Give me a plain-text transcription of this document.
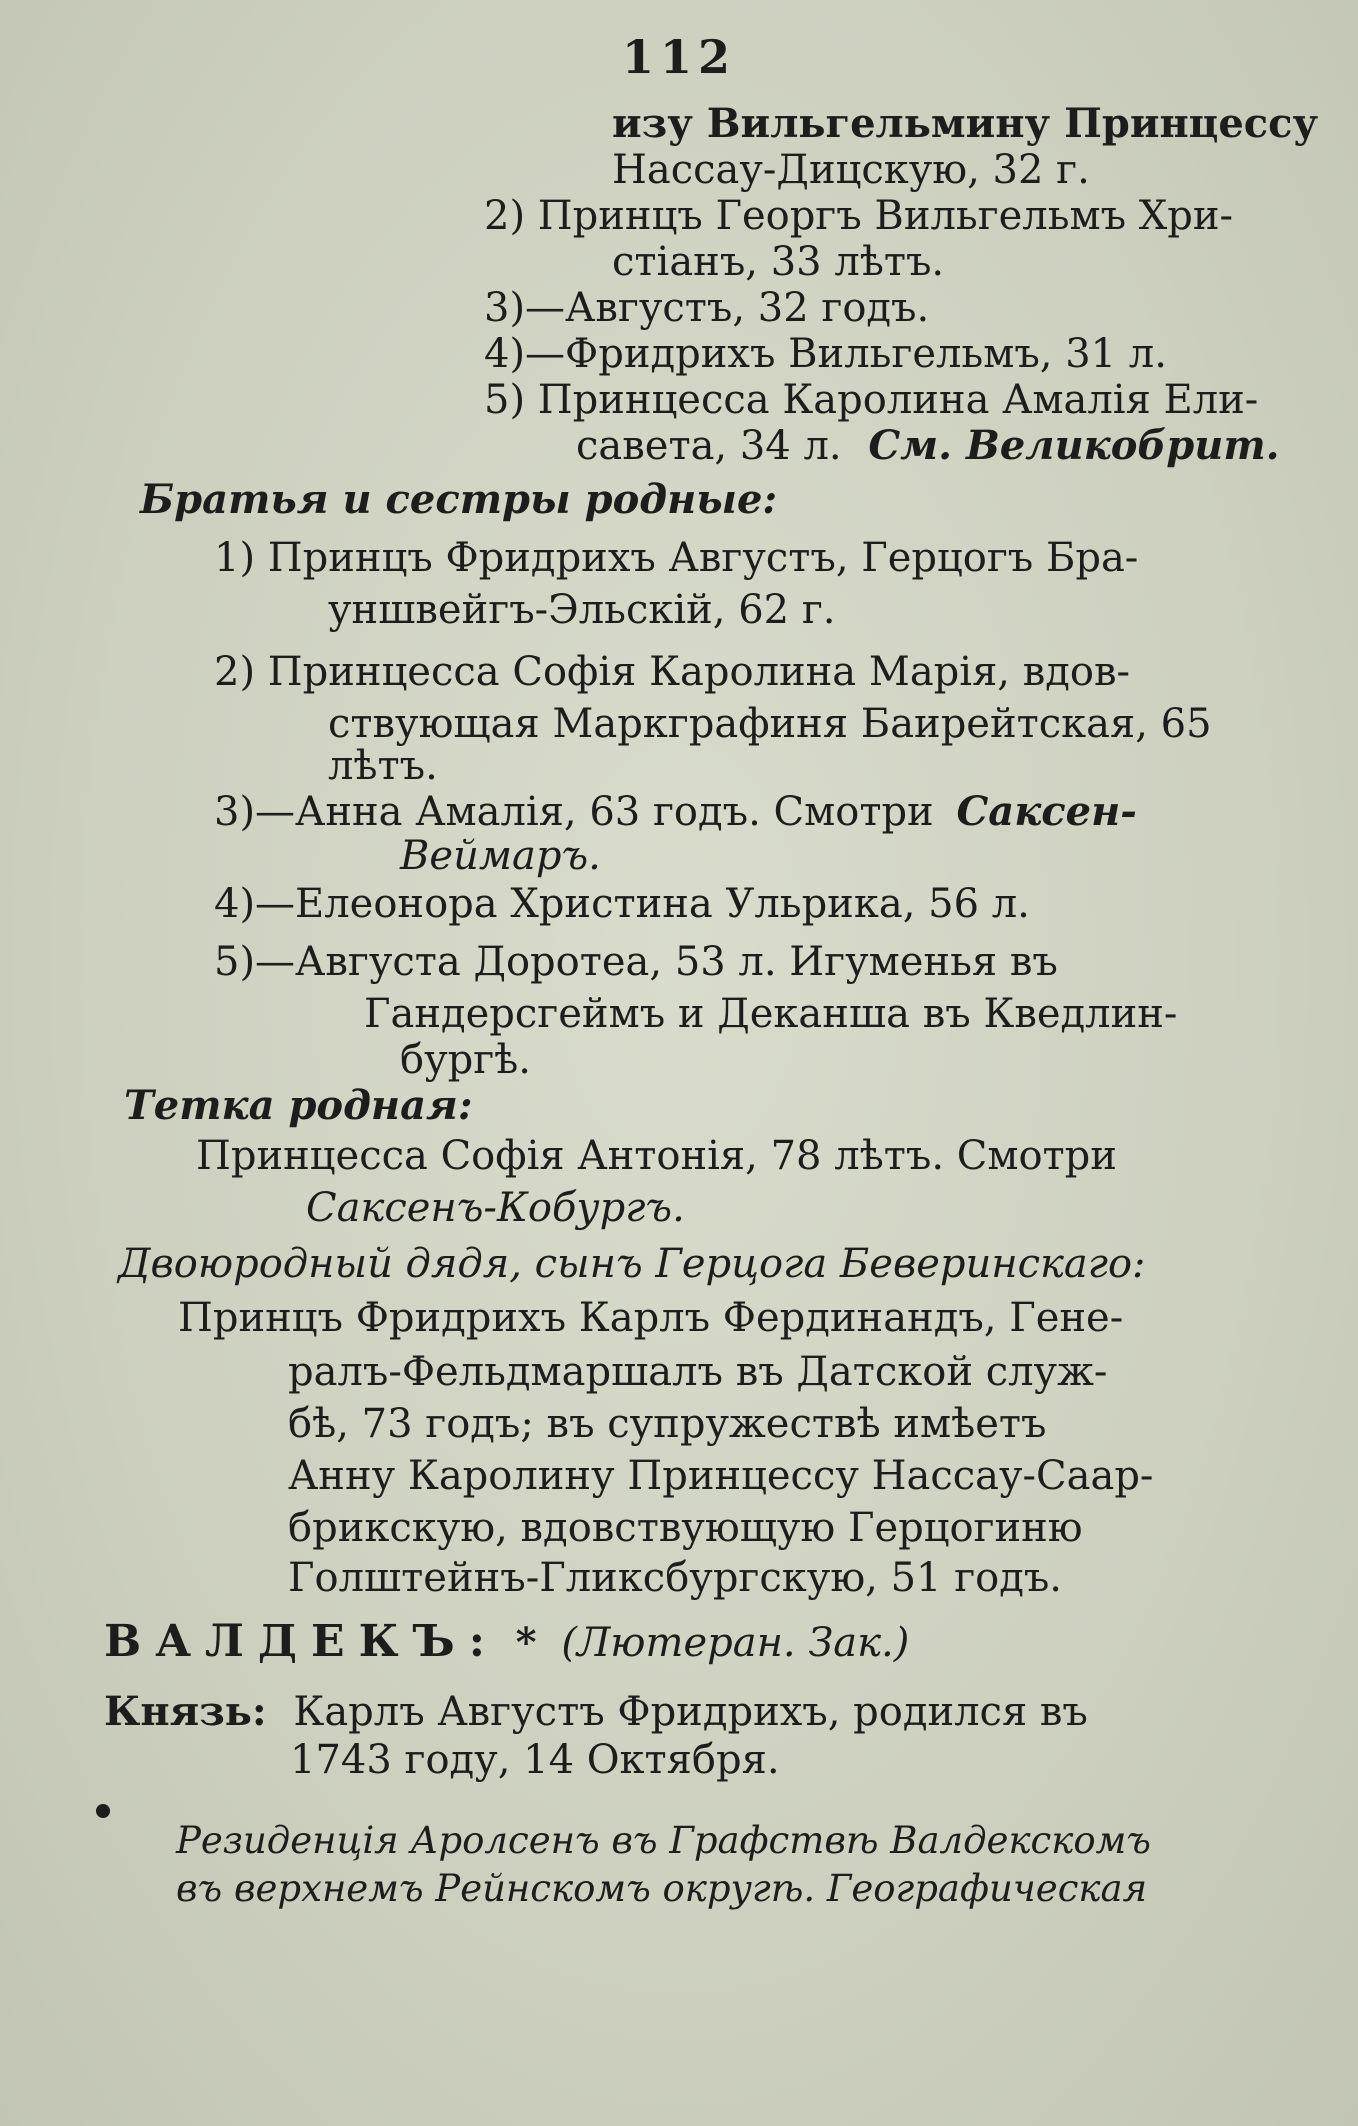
112
изу Вильгельмину Принцессу
Нассау-Дицскую, 32 г.
2) Принцъ Георгъ Вильгельмъ Хри-
стіанъ, 33 лѣтъ.
3)—Августъ, 32 годъ.
4)—Фридрихъ Вильгельмъ, 31 л.
5) Принцесса Каролина Амалія Ели-
савета, 34 л. См. Великобрит.
Братья и сестры родные:
1) Принцъ Фридрихъ Августъ, Герцогъ Бра-
уншвейгъ-Эльскій, 62 г.
2) Принцесса Софія Каролина Марія, вдов-
ствующая Маркграфиня Баирейтская, 65
лѣтъ.
3)—Анна Амалія, 63 годъ. Смотри Саксен-
Веймаръ.
4)—Елеонора Христина Ульрика, 56 л.
5)—Августа Доротеа, 53 л. Игуменья въ
Гандерсгеймъ и Деканша въ Кведлин-
бургѣ.
Тетка родная:
Принцесса Софія Антонія, 78 лѣтъ. Смотри
Саксенъ-Кобургъ.
Двоюродный дядя, сынъ Герцога Беверинскаго:
Принцъ Фридрихъ Карлъ Фердинандъ, Гене-
ралъ-Фельдмаршалъ въ Датской служ-
бѣ, 73 годъ; въ супружествѣ имѣетъ
Анну Каролину Принцессу Нассау-Саар-
брикскую, вдовствующую Герцогиню
Голштейнъ-Гликсбургскую, 51 годъ.
ВАЛДЕКЪ: * (Лютеран. Зак.)
Князь: Карлъ Августъ Фридрихъ, родился въ
1743 году, 14 Октября.
Резиденція Аролсенъ въ Графствѣ Валдекскомъ
въ верхнемъ Рейнскомъ округѣ. Географическая
